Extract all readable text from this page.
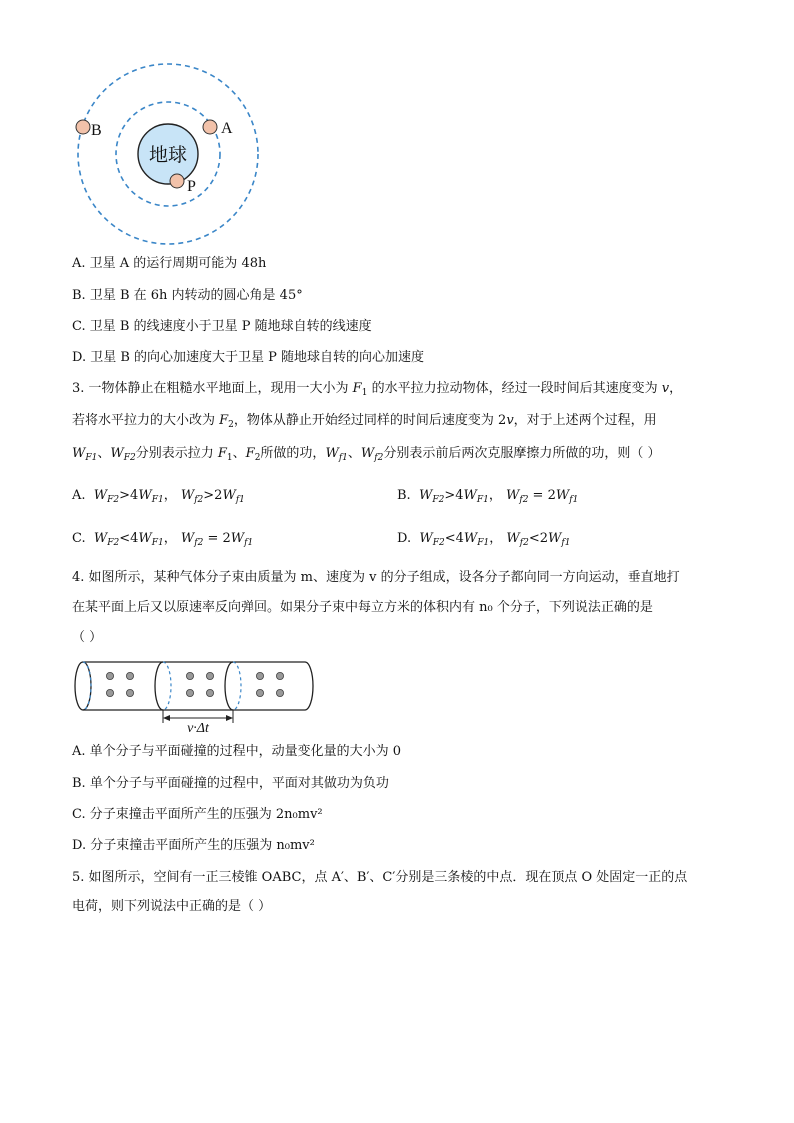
地球
B	A
P
A. 卫星 A 的运行周期可能为 48h
B. 卫星 B 在 6h 内转动的圆心角是 45°
C. 卫星 B 的线速度小于卫星 P 随地球自转的线速度
D. 卫星 B 的向心加速度大于卫星 P 随地球自转的向心加速度
3. 一物体静止在粗糙水平地面上，现用一大小为 $F_1$ 的水平拉力拉动物体，经过一段时间后其速度变为 v，
若将水平拉力的大小改为 $F_2$，物体从静止开始经过同样的时间后速度变为 2v，对于上述两个过程，用
$W_{F1}$、$W_{F2}$分别表示拉力 $F_1$、$F_2$所做的功，$W_{f1}$、$W_{f2}$分别表示前后两次克服摩擦力所做的功，则（ ）
A. $W_{F2}>4W_{F1}$， $W_{f2}>2W_{f1}$	B. $W_{F2}>4W_{F1}$， $W_{f2} = 2W_{f1}$
C. $W_{F2}<4W_{F1}$， $W_{f2} = 2W_{f1}$	D. $W_{F2}<4W_{F1}$， $W_{f2}<2W_{f1}$
4. 如图所示，某种气体分子束由质量为 m、速度为 v 的分子组成，设各分子都向同一方向运动，垂直地打
在某平面上后又以原速率反向弹回。如果分子束中每立方米的体积内有 n₀ 个分子，下列说法正确的是
（ ）
v·Δt
A. 单个分子与平面碰撞的过程中，动量变化量的大小为 0
B. 单个分子与平面碰撞的过程中，平面对其做功为负功
C. 分子束撞击平面所产生的压强为 2n₀mv²
D. 分子束撞击平面所产生的压强为 n₀mv²
5. 如图所示，空间有一正三棱锥 OABC，点 A′、B′、C′分别是三条棱的中点．现在顶点 O 处固定一正的点
电荷，则下列说法中正确的是（ ）
